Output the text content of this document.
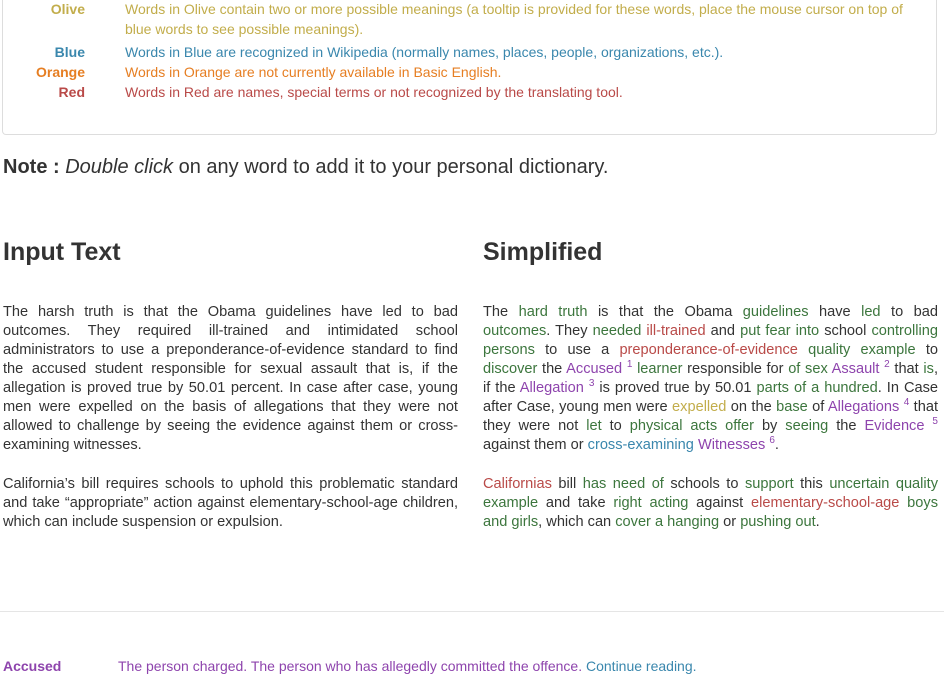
Olive	Words in Olive contain two or more possible meanings (a tooltip is provided for these words, place the mouse cursor on top of blue words to see possible meanings).
Blue	Words in Blue are recognized in Wikipedia (normally names, places, people, organizations, etc.).
Orange	Words in Orange are not currently available in Basic English.
Red	Words in Red are names, special terms or not recognized by the translating tool.
Note : Double click on any word to add it to your personal dictionary.
Input Text	Simplified

The harsh truth is that the Obama guidelines have led to bad outcomes. They required ill-trained and intimidated school administrators to use a preponderance-of-evidence standard to find the accused student responsible for sexual assault that is, if the allegation is proved true by 50.01 percent. In case after case, young men were expelled on the basis of allegations that they were not allowed to challenge by seeing the evidence against them or cross-examining witnesses.

California’s bill requires schools to uphold this problematic standard and take “appropriate” action against elementary-school-age children, which can include suspension or expulsion.

The hard truth is that the Obama guidelines have led to bad outcomes. They needed ill-trained and put fear into school controlling persons to use a preponderance-of-evidence quality example to discover the Accused $^1$ learner responsible for of sex Assault $^2$ that is, if the Allegation $^3$ is proved true by 50.01 parts of a hundred. In Case after Case, young men were expelled on the base of Allegations $^4$ that they were not let to physical acts offer by seeing the Evidence $^5$ against them or cross-examining Witnesses $^6$.

Californias bill has need of schools to support this uncertain quality example and take right acting against elementary-school-age boys and girls, which can cover a hanging or pushing out.

Accused	The person charged. The person who has allegedly committed the offence. Continue reading.
